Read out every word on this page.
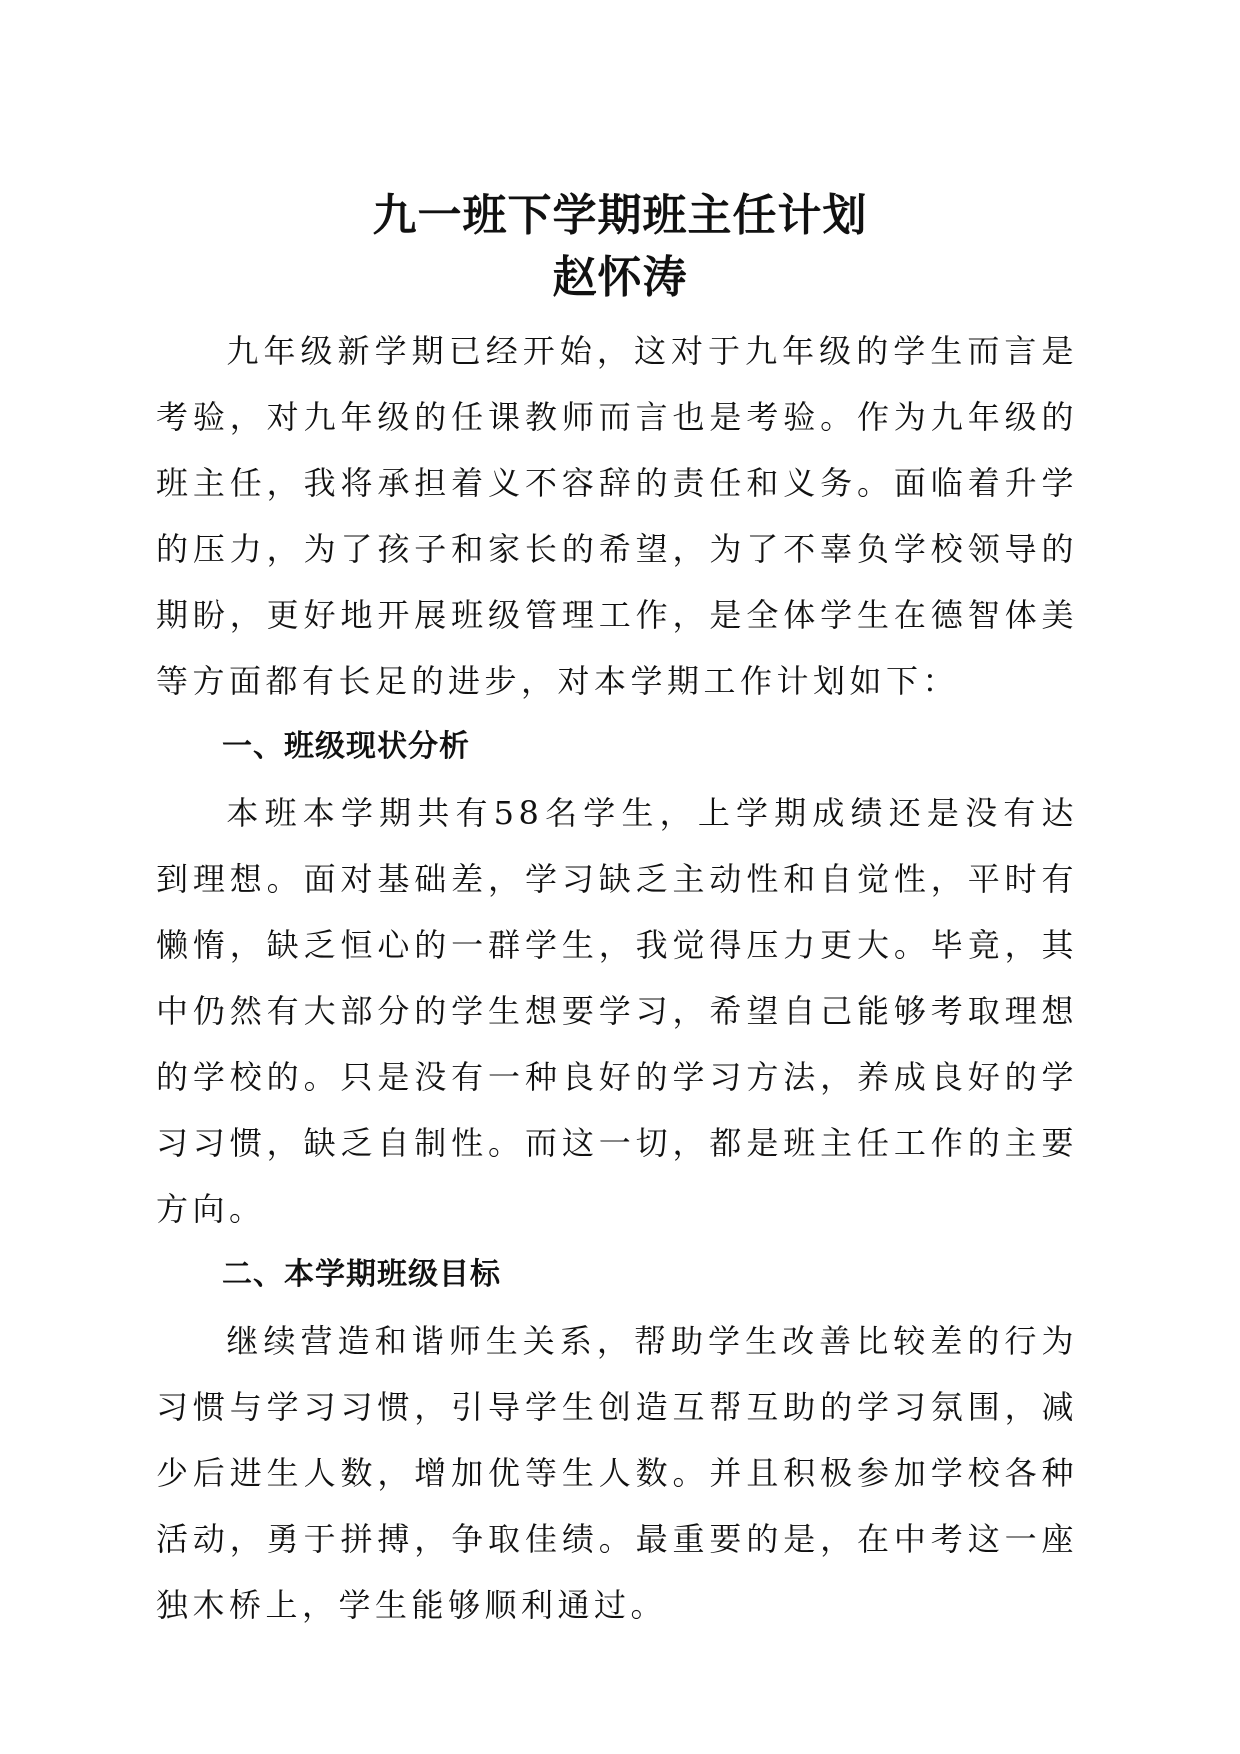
九一班下学期班主任计划
赵怀涛

九年级新学期已经开始，这对于九年级的学生而言是考验，对九年级的任课教师而言也是考验。作为九年级的班主任，我将承担着义不容辞的责任和义务。面临着升学的压力，为了孩子和家长的希望，为了不辜负学校领导的期盼，更好地开展班级管理工作，是全体学生在德智体美等方面都有长足的进步，对本学期工作计划如下：

一、班级现状分析

本班本学期共有58名学生，上学期成绩还是没有达到理想。面对基础差，学习缺乏主动性和自觉性，平时有懒惰，缺乏恒心的一群学生，我觉得压力更大。毕竟，其中仍然有大部分的学生想要学习，希望自己能够考取理想的学校的。只是没有一种良好的学习方法，养成良好的学习习惯，缺乏自制性。而这一切，都是班主任工作的主要方向。

二、本学期班级目标

继续营造和谐师生关系，帮助学生改善比较差的行为习惯与学习习惯，引导学生创造互帮互助的学习氛围，减少后进生人数，增加优等生人数。并且积极参加学校各种活动，勇于拼搏，争取佳绩。最重要的是，在中考这一座独木桥上，学生能够顺利通过。
